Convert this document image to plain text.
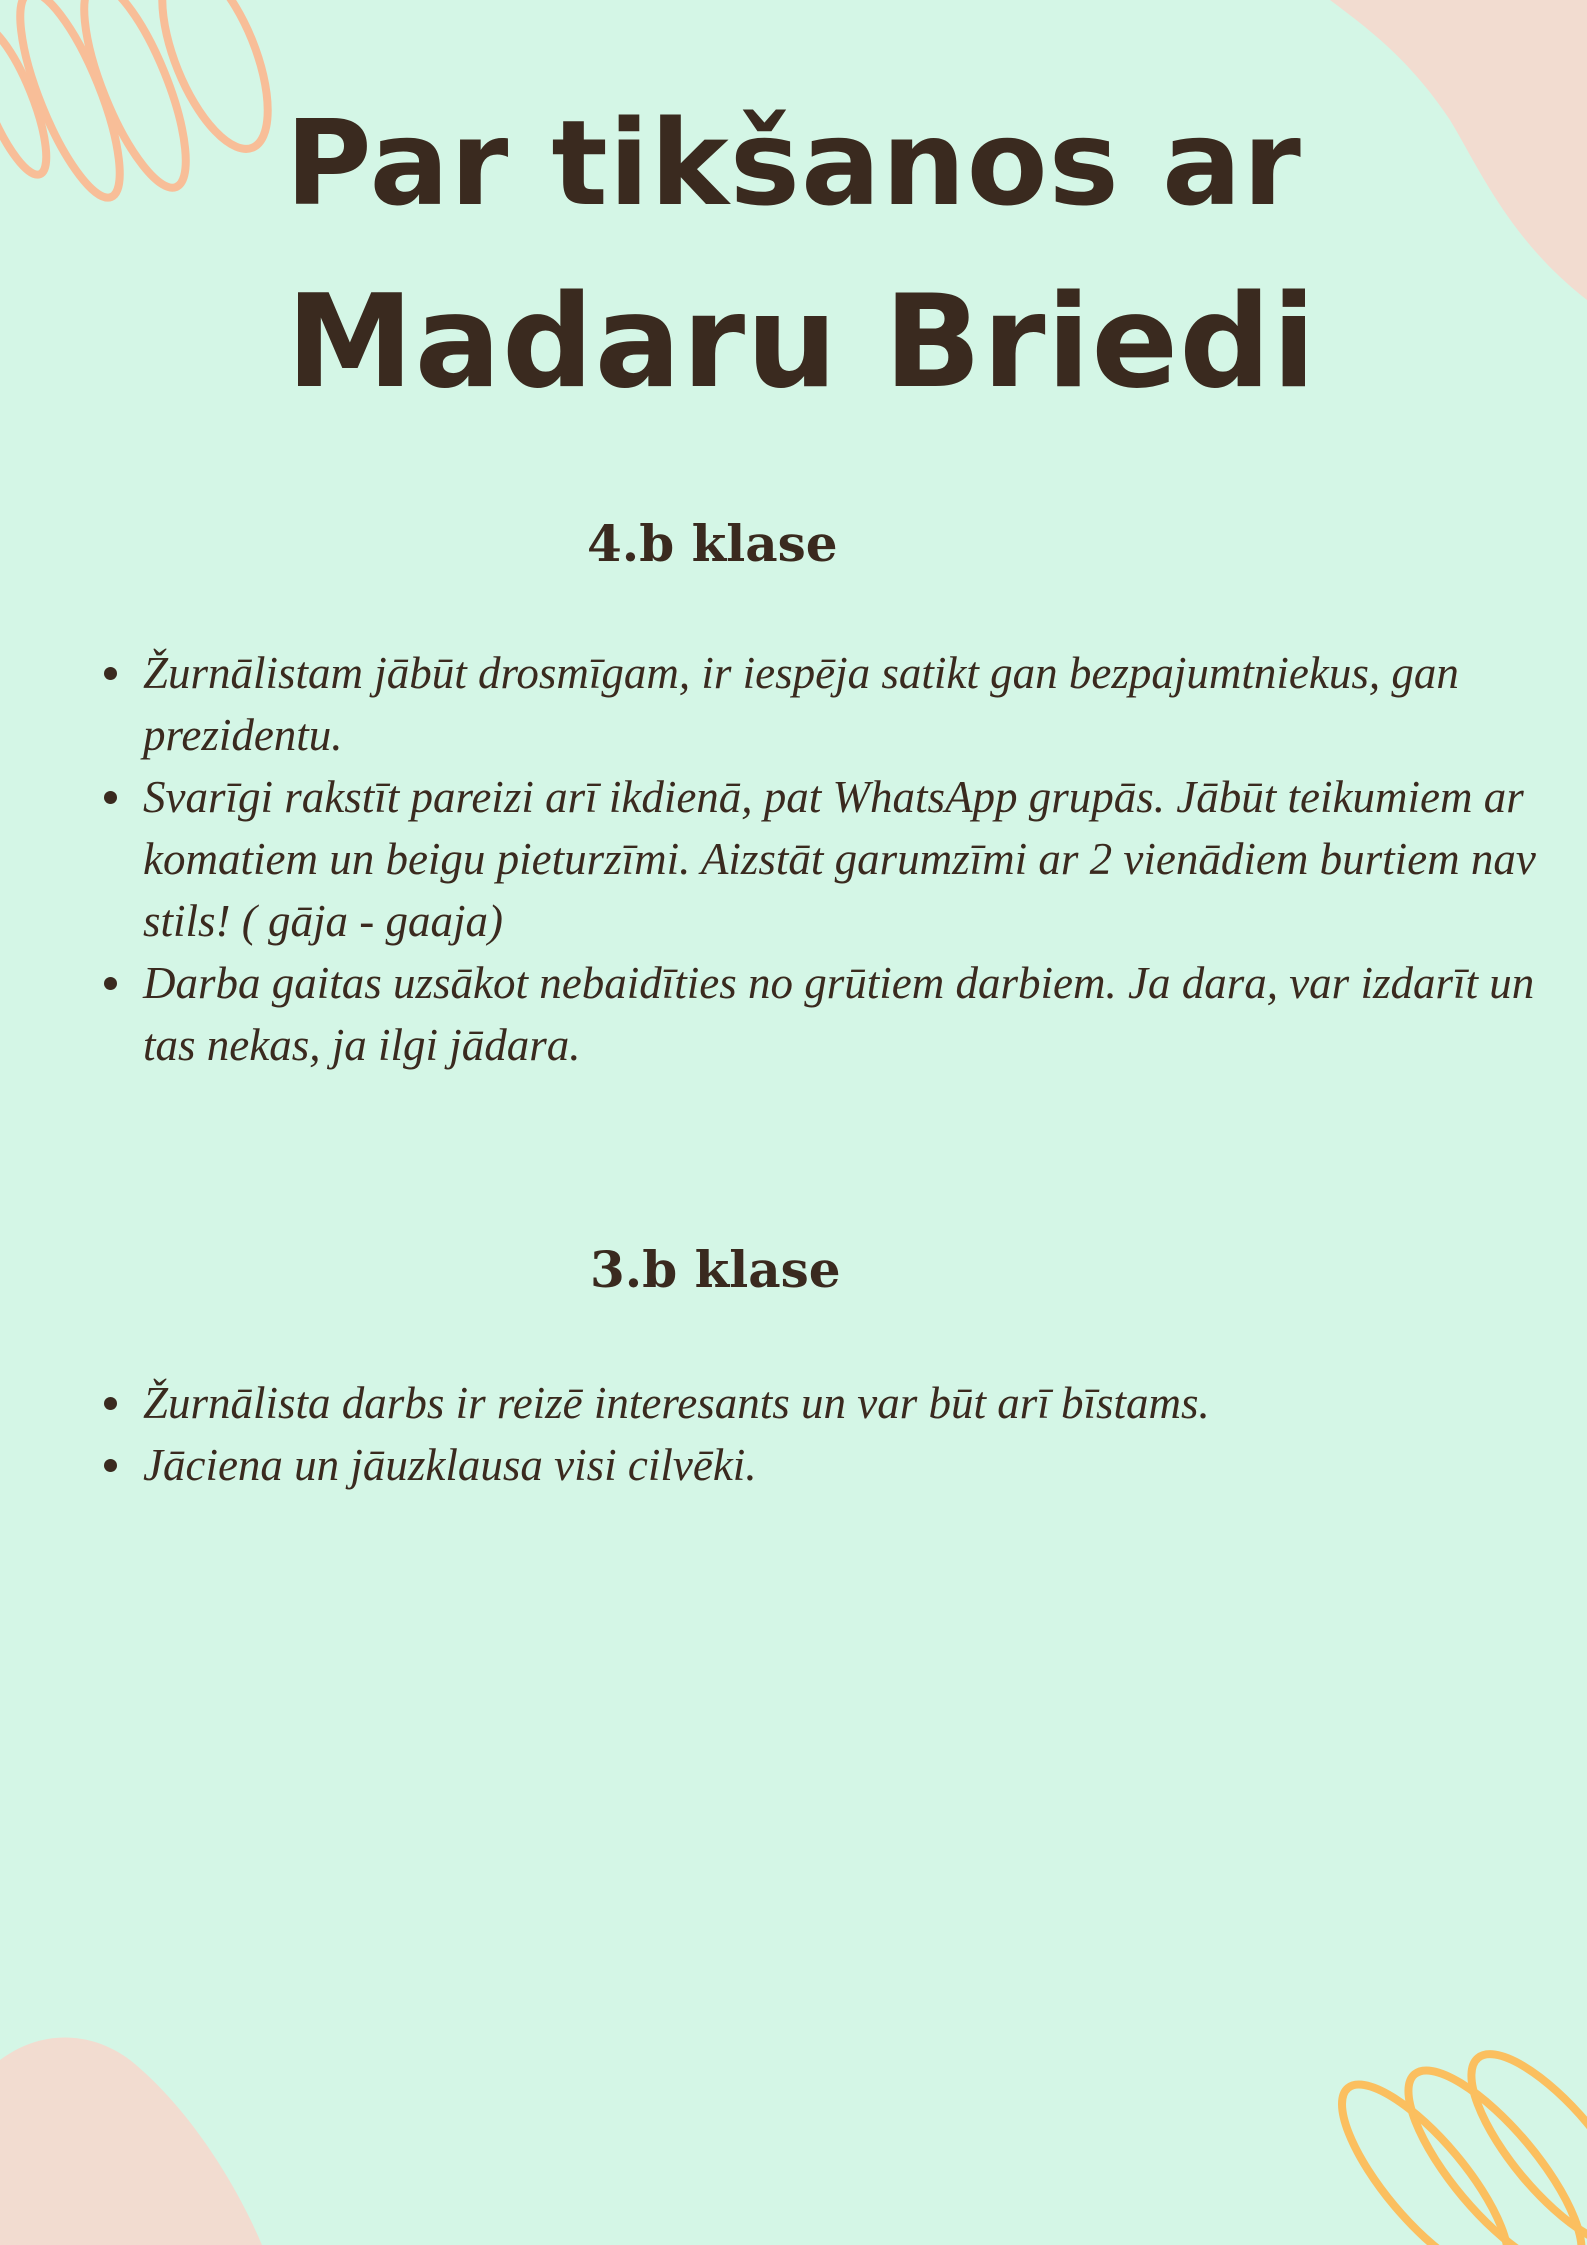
Par tikšanos ar
Madaru Briedi
4.b klase
Žurnālistam jābūt drosmīgam, ir iespēja satikt gan bezpajumtniekus, gan prezidentu.
Svarīgi rakstīt pareizi arī ikdienā, pat WhatsApp grupās. Jābūt teikumiem ar komatiem un beigu pieturzīmi. Aizstāt garumzīmi ar 2 vienādiem burtiem nav stils! ( gāja - gaaja)
Darba gaitas uzsākot nebaidīties no grūtiem darbiem. Ja dara, var izdarīt un tas nekas, ja ilgi jādara.
3.b klase
Žurnālista darbs ir reizē interesants un var būt arī bīstams.
Jāciena un jāuzklausa visi cilvēki.
